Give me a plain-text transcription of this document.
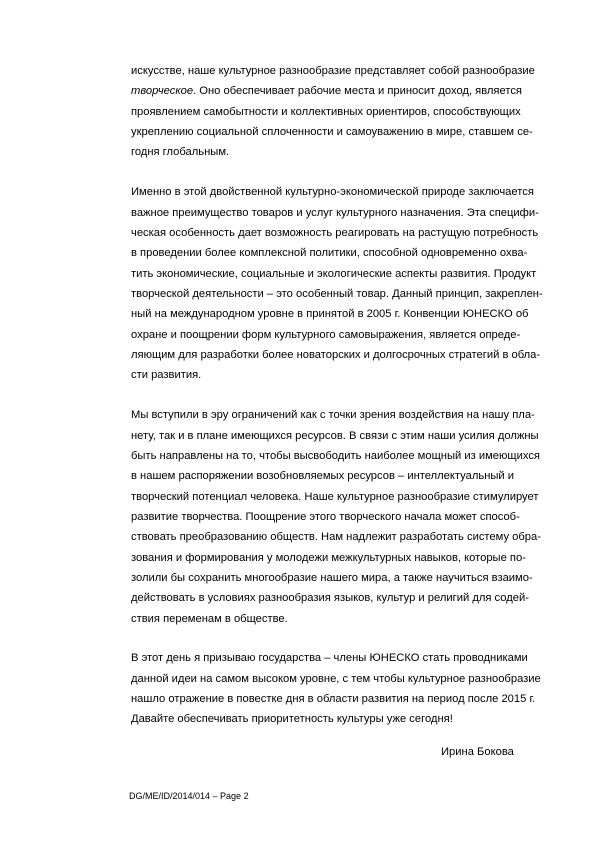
искусстве, наше культурное разнообразие представляет собой разнообразие
творческое. Оно обеспечивает рабочие места и приносит доход, является
проявлением самобытности и коллективных ориентиров, способствующих
укреплению социальной сплоченности и самоуважению в мире, ставшем се-
годня глобальным.
Именно в этой двойственной культурно-экономической природе заключается
важное преимущество товаров и услуг культурного назначения. Эта специфи-
ческая особенность дает возможность реагировать на растущую потребность
в проведении более комплексной политики, способной одновременно охва-
тить экономические, социальные и экологические аспекты развития. Продукт
творческой деятельности – это особенный товар. Данный принцип, закреплен-
ный на международном уровне в принятой в 2005 г. Конвенции ЮНЕСКО об
охране и поощрении форм культурного самовыражения, является опреде-
ляющим для разработки более новаторских и долгосрочных стратегий в обла-
сти развития.
Мы вступили в эру ограничений как с точки зрения воздействия на нашу пла-
нету, так и в плане имеющихся ресурсов. В связи с этим наши усилия должны
быть направлены на то, чтобы высвободить наиболее мощный из имеющихся
в нашем распоряжении возобновляемых ресурсов – интеллектуальный и
творческий потенциал человека. Наше культурное разнообразие стимулирует
развитие творчества. Поощрение этого творческого начала может способ-
ствовать преобразованию обществ. Нам надлежит разработать систему обра-
зования и формирования у молодежи межкультурных навыков, которые по-
золили бы сохранить многообразие нашего мира, а также научиться взаимо-
действовать в условиях разнообразия языков, культур и религий для содей-
ствия переменам в обществе.
В этот день я призываю государства – члены ЮНЕСКО стать проводниками
данной идеи на самом высоком уровне, с тем чтобы культурное разнообразие
нашло отражение в повестке дня в области развития на период после 2015 г.
Давайте обеспечивать приоритетность культуры уже сегодня!
Ирина Бокова
DG/ME/ID/2014/014 – Page 2
